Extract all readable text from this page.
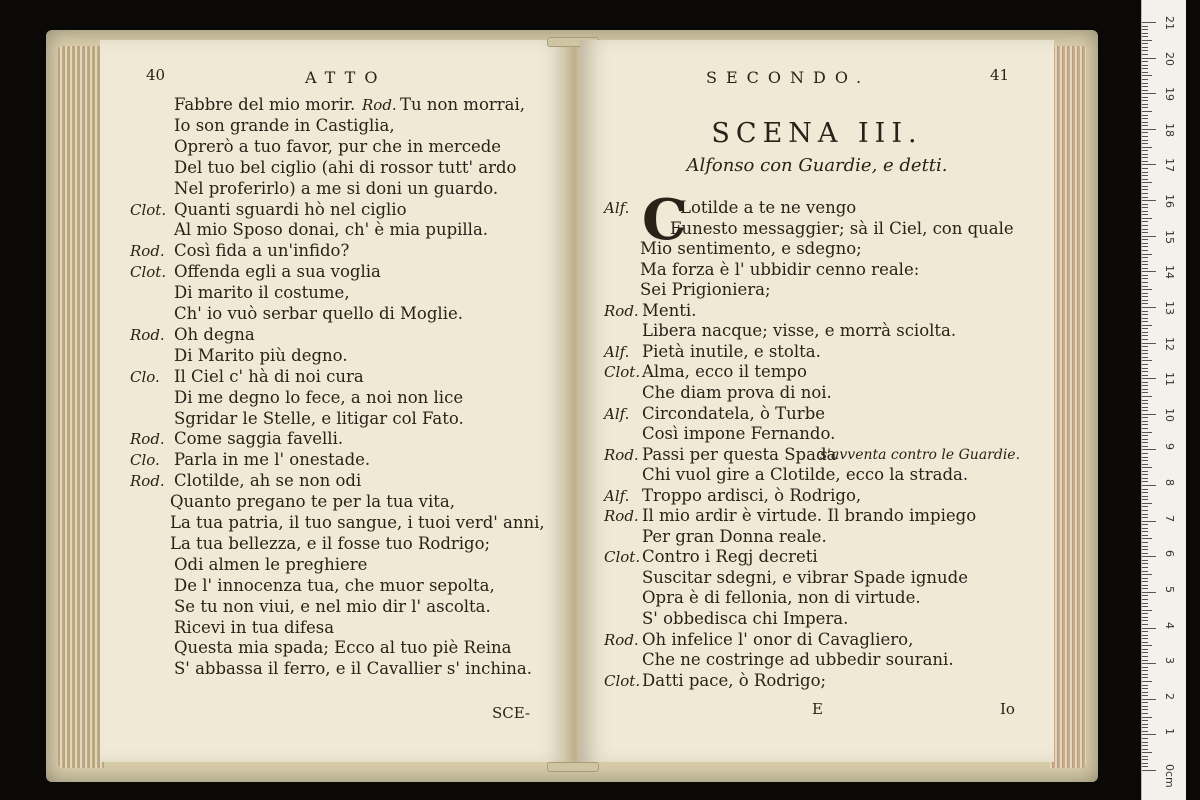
40	ATTO
Fabbre del mio morir. Rod. Tu non morrai,
Io son grande in Castiglia,
Oprerò a tuo favor, pur che in mercede
Del tuo bel ciglio (ahi di rossor tutt' ardo
Nel proferirlo) a me si doni un guardo.
Clot. Quanti sguardi hò nel ciglio
Al mio Sposo donai, ch' è mia pupilla.
Rod. Così fida a un'infido?
Clot. Offenda egli a sua voglia
Di marito il costume,
Ch' io vuò serbar quello di Moglie.
Rod. Oh degna
Di Marito più degno.
Clo. Il Ciel c' hà di noi cura
Di me degno lo fece, a noi non lice
Sgridar le Stelle, e litigar col Fato.
Rod. Come saggia favelli.
Clo. Parla in me l' onestade.
Rod. Clotilde, ah se non odi
Quanto pregano te per la tua vita,
La tua patria, il tuo sangue, i tuoi verd' anni,
La tua bellezza, e il fosse tuo Rodrigo;
Odi almen le preghiere
De l' innocenza tua, che muor sepolta,
Se tu non viui, e nel mio dir l' ascolta.
Ricevi in tua difesa
Questa mia spada; Ecco al tuo piè Reina
S' abbassa il ferro, e il Cavallier s' inchina.
SCE-
SECONDO.	41
SCENA III.
Alfonso con Guardie, e detti.
C
Alf.	Lotilde a te ne vengo
Funesto messaggier; sà il Ciel, con quale
Mio sentimento, e sdegno;
Ma forza è l' ubbidir cenno reale:
Sei Prigioniera;
Rod. Menti.
Libera nacque; visse, e morrà sciolta.
Alf. Pietà inutile, e stolta.
Clot. Alma, ecco il tempo
Che diam prova di noi.
Alf. Circondatela, ò Turbe
Così impone Fernando.
Rod. Passi per questa Spada
s'avventa contro le Guardie.
Chi vuol gire a Clotilde, ecco la strada.
Alf. Troppo ardisci, ò Rodrigo,
Rod. Il mio ardir è virtude. Il brando impiego
Per gran Donna reale.
Clot. Contro i Regj decreti
Suscitar sdegni, e vibrar Spade ignude
Opra è di fellonia, non di virtude.
S' obbedisca chi Impera.
Rod. Oh infelice l' onor di Cavagliero,
Che ne costringe ad ubbedir sourani.
Clot. Datti pace, ò Rodrigo;
E	Io
21
20
19
18
17
16
15
14
13
12
11
10
9
8
7
6
5
4
3
2
1
0cm
